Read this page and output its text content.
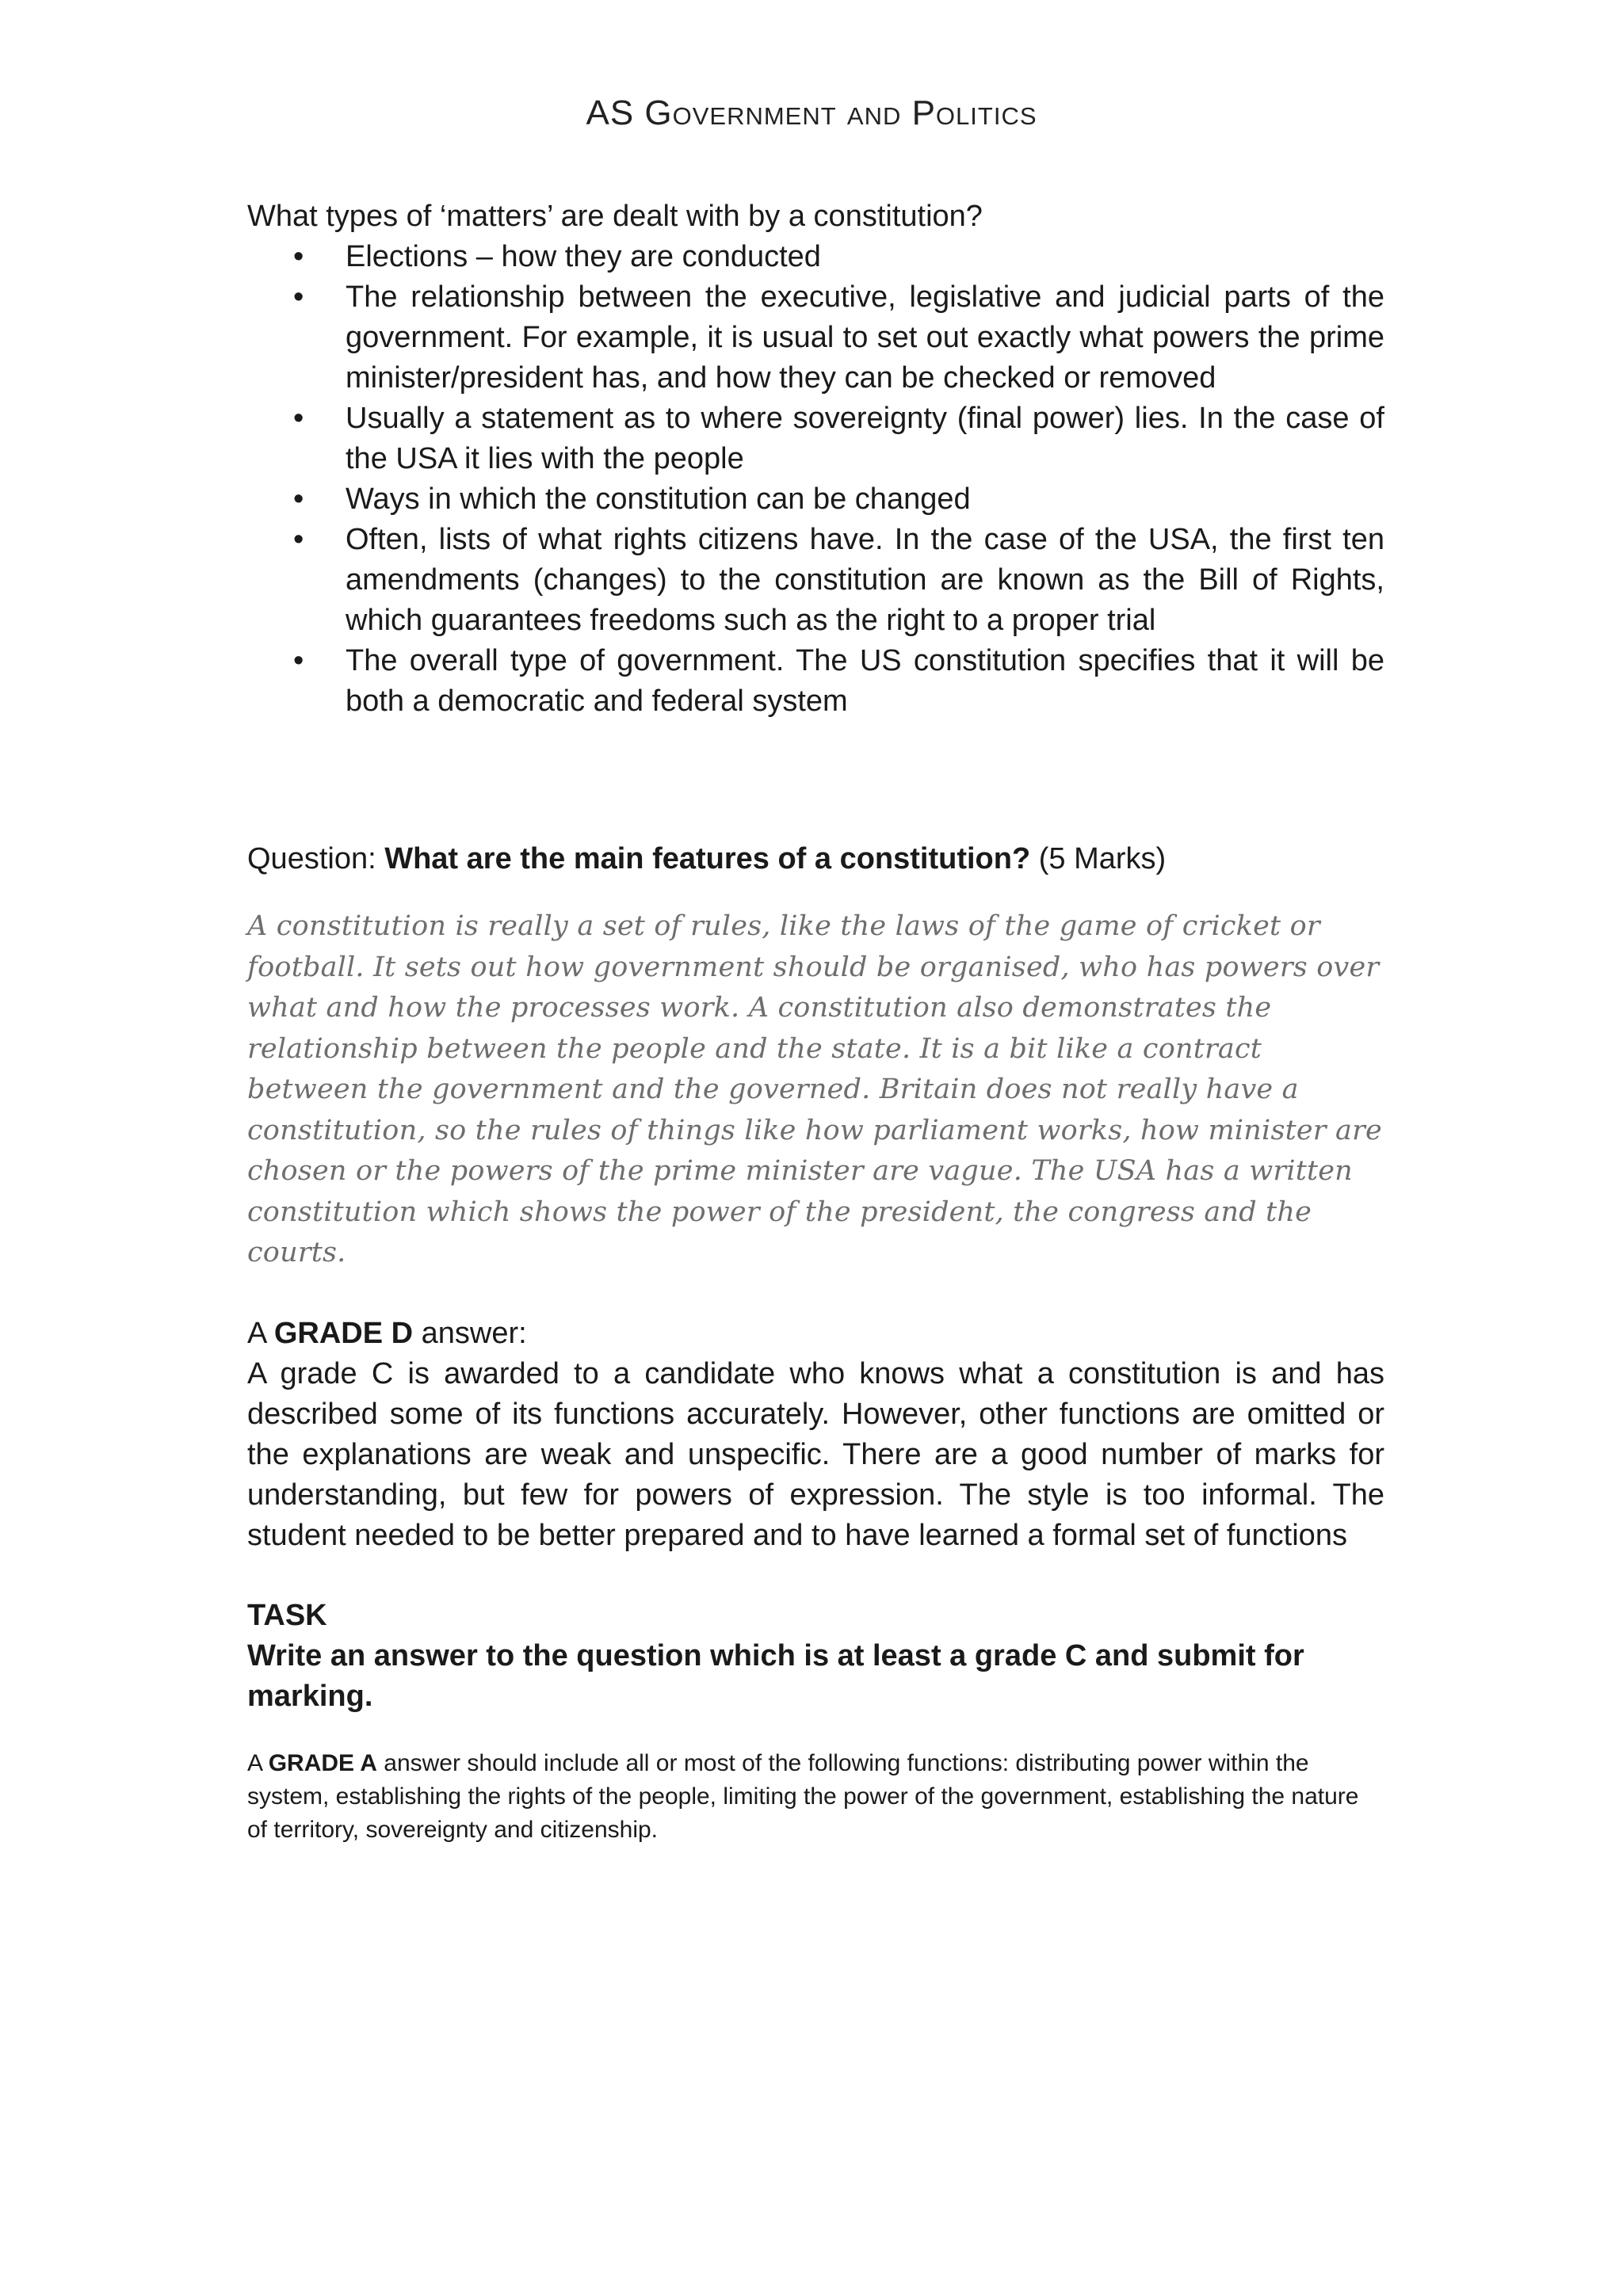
AS Government and Politics

What types of ‘matters’ are dealt with by a constitution?

• Elections – how they are conducted
• The relationship between the executive, legislative and judicial parts of the government. For example, it is usual to set out exactly what powers the prime minister/president has, and how they can be checked or removed
• Usually a statement as to where sovereignty (final power) lies. In the case of the USA it lies with the people
• Ways in which the constitution can be changed
• Often, lists of what rights citizens have. In the case of the USA, the first ten amendments (changes) to the constitution are known as the Bill of Rights, which guarantees freedoms such as the right to a proper trial
• The overall type of government. The US constitution specifies that it will be both a democratic and federal system
Question: What are the main features of a constitution? (5 Marks)
A constitution is really a set of rules, like the laws of the game of cricket or football. It sets out how government should be organised, who has powers over what and how the processes work. A constitution also demonstrates the relationship between the people and the state. It is a bit like a contract between the government and the governed. Britain does not really have a constitution, so the rules of things like how parliament works, how minister are chosen or the powers of the prime minister are vague. The USA has a written constitution which shows the power of the president, the congress and the courts.

A GRADE D answer:

A grade C is awarded to a candidate who knows what a constitution is and has described some of its functions accurately. However, other functions are omitted or the explanations are weak and unspecific. There are a good number of marks for understanding, but few for powers of expression. The style is too informal. The student needed to be better prepared and to have learned a formal set of functions

TASK
Write an answer to the question which is at least a grade C and submit for marking.
A GRADE A answer should include all or most of the following functions: distributing power within the system, establishing the rights of the people, limiting the power of the government, establishing the nature of territory, sovereignty and citizenship.
